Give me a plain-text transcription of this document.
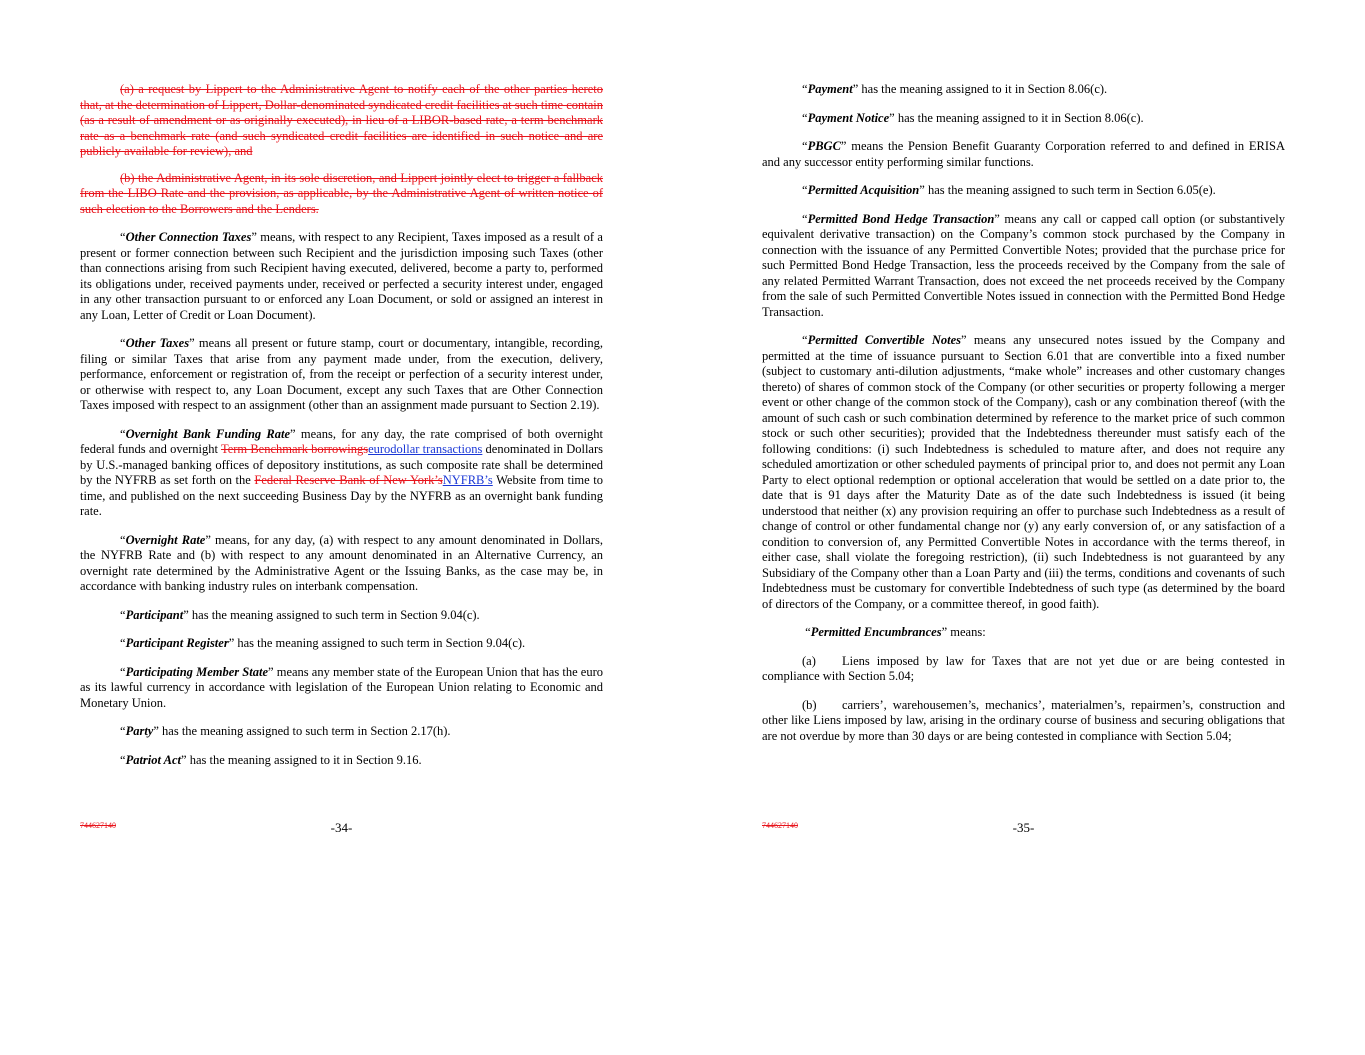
(a) a request by Lippert to the Administrative Agent to notify each of the other parties hereto that, at the determination of Lippert, Dollar-denominated syndicated credit facilities at such time contain (as a result of amendment or as originally executed), in lieu of a LIBOR-based rate, a term benchmark rate as a benchmark rate (and such syndicated credit facilities are identified in such notice and are publicly available for review), and

(b) the Administrative Agent, in its sole discretion, and Lippert jointly elect to trigger a fallback from the LIBO Rate and the provision, as applicable, by the Administrative Agent of written notice of such election to the Borrowers and the Lenders.

“Other Connection Taxes” means, with respect to any Recipient, Taxes imposed as a result of a present or former connection between such Recipient and the jurisdiction imposing such Taxes (other than connections arising from such Recipient having executed, delivered, become a party to, performed its obligations under, received payments under, received or perfected a security interest under, engaged in any other transaction pursuant to or enforced any Loan Document, or sold or assigned an interest in any Loan, Letter of Credit or Loan Document).

“Other Taxes” means all present or future stamp, court or documentary, intangible, recording, filing or similar Taxes that arise from any payment made under, from the execution, delivery, performance, enforcement or registration of, from the receipt or perfection of a security interest under, or otherwise with respect to, any Loan Document, except any such Taxes that are Other Connection Taxes imposed with respect to an assignment (other than an assignment made pursuant to Section 2.19).

“Overnight Bank Funding Rate” means, for any day, the rate comprised of both overnight federal funds and overnight Term Benchmark borrowingseurodollar transactions denominated in Dollars by U.S.-managed banking offices of depository institutions, as such composite rate shall be determined by the NYFRB as set forth on the Federal Reserve Bank of New York’sNYFRB’s Website from time to time, and published on the next succeeding Business Day by the NYFRB as an overnight bank funding rate.

“Overnight Rate” means, for any day, (a) with respect to any amount denominated in Dollars, the NYFRB Rate and (b) with respect to any amount denominated in an Alternative Currency, an overnight rate determined by the Administrative Agent or the Issuing Banks, as the case may be, in accordance with banking industry rules on interbank compensation.

“Participant” has the meaning assigned to such term in Section 9.04(c).

“Participant Register” has the meaning assigned to such term in Section 9.04(c).

“Participating Member State” means any member state of the European Union that has the euro as its lawful currency in accordance with legislation of the European Union relating to Economic and Monetary Union.

“Party” has the meaning assigned to such term in Section 2.17(h).

“Patriot Act” has the meaning assigned to it in Section 9.16.

744627140	-34-

“Payment” has the meaning assigned to it in Section 8.06(c).

“Payment Notice” has the meaning assigned to it in Section 8.06(c).

“PBGC” means the Pension Benefit Guaranty Corporation referred to and defined in ERISA and any successor entity performing similar functions.

“Permitted Acquisition” has the meaning assigned to such term in Section 6.05(e).

“Permitted Bond Hedge Transaction” means any call or capped call option (or substantively equivalent derivative transaction) on the Company’s common stock purchased by the Company in connection with the issuance of any Permitted Convertible Notes; provided that the purchase price for such Permitted Bond Hedge Transaction, less the proceeds received by the Company from the sale of any related Permitted Warrant Transaction, does not exceed the net proceeds received by the Company from the sale of such Permitted Convertible Notes issued in connection with the Permitted Bond Hedge Transaction.

“Permitted Convertible Notes” means any unsecured notes issued by the Company and permitted at the time of issuance pursuant to Section 6.01 that are convertible into a fixed number (subject to customary anti-dilution adjustments, “make whole” increases and other customary changes thereto) of shares of common stock of the Company (or other securities or property following a merger event or other change of the common stock of the Company), cash or any combination thereof (with the amount of such cash or such combination determined by reference to the market price of such common stock or such other securities); provided that the Indebtedness thereunder must satisfy each of the following conditions: (i) such Indebtedness is scheduled to mature after, and does not require any scheduled amortization or other scheduled payments of principal prior to, and does not permit any Loan Party to elect optional redemption or optional acceleration that would be settled on a date prior to, the date that is 91 days after the Maturity Date as of the date such Indebtedness is issued (it being understood that neither (x) any provision requiring an offer to purchase such Indebtedness as a result of change of control or other fundamental change nor (y) any early conversion of, or any satisfaction of a condition to conversion of, any Permitted Convertible Notes in accordance with the terms thereof, in either case, shall violate the foregoing restriction), (ii) such Indebtedness is not guaranteed by any Subsidiary of the Company other than a Loan Party and (iii) the terms, conditions and covenants of such Indebtedness must be customary for convertible Indebtedness of such type (as determined by the board of directors of the Company, or a committee thereof, in good faith).

“Permitted Encumbrances” means:

(a) Liens imposed by law for Taxes that are not yet due or are being contested in compliance with Section 5.04;

(b) carriers’, warehousemen’s, mechanics’, materialmen’s, repairmen’s, construction and other like Liens imposed by law, arising in the ordinary course of business and securing obligations that are not overdue by more than 30 days or are being contested in compliance with Section 5.04;

744627140	-35-
